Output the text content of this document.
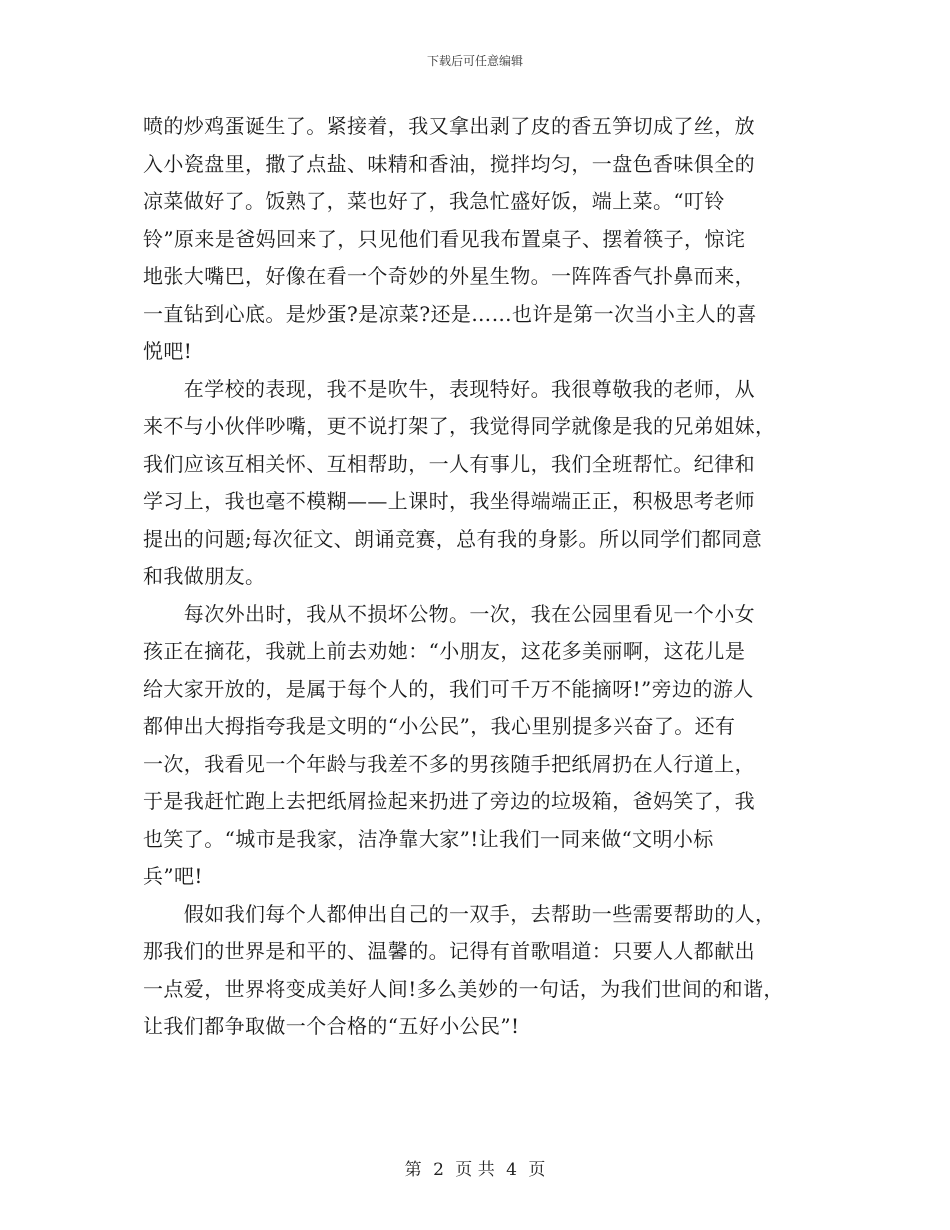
下载后可任意编辑
喷的炒鸡蛋诞生了。紧接着，我又拿出剥了皮的香五笋切成了丝，放
入小瓷盘里，撒了点盐、味精和香油，搅拌均匀，一盘色香味俱全的
凉菜做好了。饭熟了，菜也好了，我急忙盛好饭，端上菜。“叮铃
铃”原来是爸妈回来了，只见他们看见我布置桌子、摆着筷子，惊诧
地张大嘴巴，好像在看一个奇妙的外星生物。一阵阵香气扑鼻而来，
一直钻到心底。是炒蛋?是凉菜?还是……也许是第一次当小主人的喜
悦吧!
　　在学校的表现，我不是吹牛，表现特好。我很尊敬我的老师，从
来不与小伙伴吵嘴，更不说打架了，我觉得同学就像是我的兄弟姐妹，
我们应该互相关怀、互相帮助，一人有事儿，我们全班帮忙。纪律和
学习上，我也毫不模糊——上课时，我坐得端端正正，积极思考老师
提出的问题;每次征文、朗诵竞赛，总有我的身影。所以同学们都同意
和我做朋友。
　　每次外出时，我从不损坏公物。一次，我在公园里看见一个小女
孩正在摘花，我就上前去劝她：“小朋友，这花多美丽啊，这花儿是
给大家开放的，是属于每个人的，我们可千万不能摘呀!”旁边的游人
都伸出大拇指夸我是文明的“小公民”，我心里别提多兴奋了。还有
一次，我看见一个年龄与我差不多的男孩随手把纸屑扔在人行道上，
于是我赶忙跑上去把纸屑捡起来扔进了旁边的垃圾箱，爸妈笑了，我
也笑了。“城市是我家，洁净靠大家”!让我们一同来做“文明小标
兵”吧!
　　假如我们每个人都伸出自己的一双手，去帮助一些需要帮助的人，
那我们的世界是和平的、温馨的。记得有首歌唱道：只要人人都献出
一点爱，世界将变成美好人间!多么美妙的一句话，为我们世间的和谐，
让我们都争取做一个合格的“五好小公民”!
第 2 页 共 4 页
